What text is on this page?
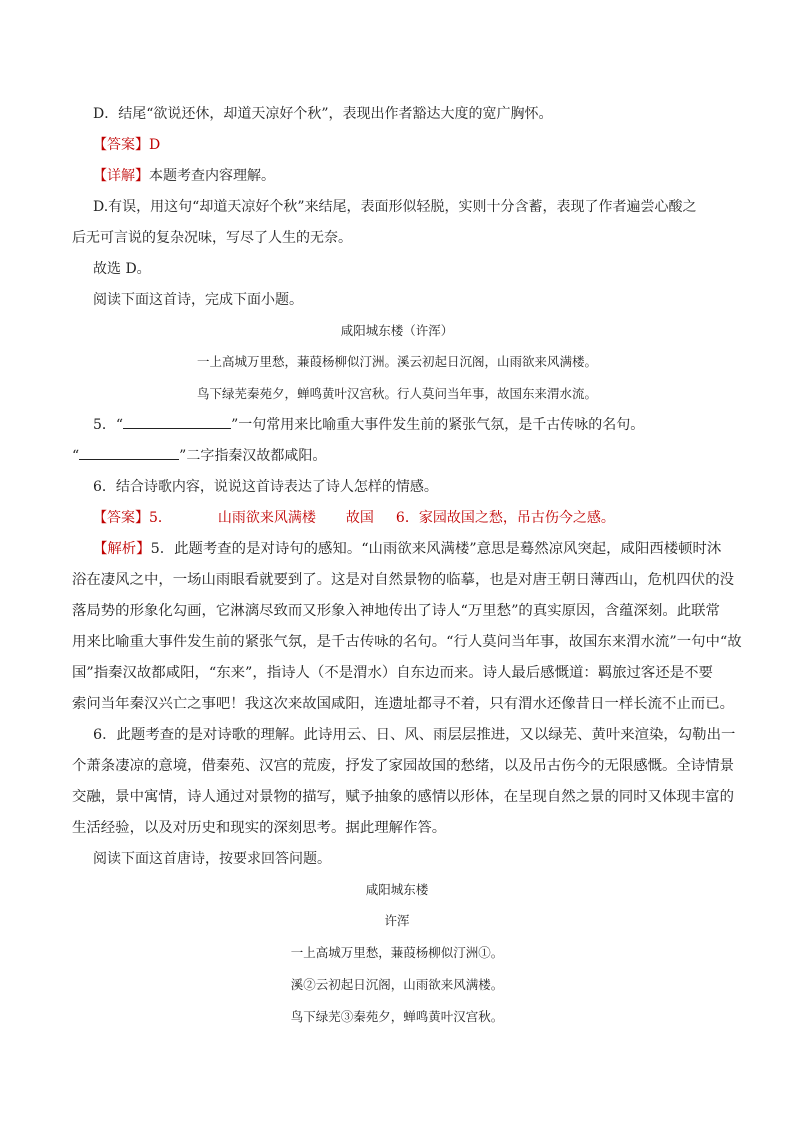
D．结尾“欲说还休，却道天凉好个秋”，表现出作者豁达大度的宽广胸怀。
【答案】D
【详解】本题考查内容理解。
D.有误，用这句“却道天凉好个秋”来结尾，表面形似轻脱，实则十分含蓄，表现了作者遍尝心酸之
后无可言说的复杂况味，写尽了人生的无奈。
故选 D。
阅读下面这首诗，完成下面小题。
咸阳城东楼（许浑）
一上高城万里愁，蒹葭杨柳似汀洲。溪云初起日沉阁，山雨欲来风满楼。
鸟下绿芜秦苑夕，蝉鸣黄叶汉宫秋。行人莫问当年事，故国东来渭水流。
5．“	”一句常用来比喻重大事件发生前的紧张气氛，是千古传咏的名句。
“	”二字指秦汉故都咸阳。
6．结合诗歌内容，说说这首诗表达了诗人怎样的情感。
【答案】5．	山雨欲来风满楼 故国 6．家园故国之愁，吊古伤今之感。
【解析】5．此题考查的是对诗句的感知。“山雨欲来风满楼”意思是蓦然凉风突起，咸阳西楼顿时沐
浴在凄风之中，一场山雨眼看就要到了。这是对自然景物的临摹，也是对唐王朝日薄西山，危机四伏的没
落局势的形象化勾画，它淋漓尽致而又形象入神地传出了诗人“万里愁”的真实原因，含蕴深刻。此联常
用来比喻重大事件发生前的紧张气氛，是千古传咏的名句。“行人莫问当年事，故国东来渭水流”一句中“故
国”指秦汉故都咸阳，“东来”，指诗人（不是渭水）自东边而来。诗人最后感慨道：羁旅过客还是不要
索问当年秦汉兴亡之事吧！我这次来故国咸阳，连遗址都寻不着，只有渭水还像昔日一样长流不止而已。
6．此题考查的是对诗歌的理解。此诗用云、日、风、雨层层推进，又以绿芜、黄叶来渲染，勾勒出一
个萧条凄凉的意境，借秦苑、汉宫的荒废，抒发了家园故国的愁绪，以及吊古伤今的无限感慨。全诗情景
交融，景中寓情，诗人通过对景物的描写，赋予抽象的感情以形体，在呈现自然之景的同时又体现丰富的
生活经验，以及对历史和现实的深刻思考。据此理解作答。
阅读下面这首唐诗，按要求回答问题。
咸阳城东楼
许浑
一上高城万里愁，蒹葭杨柳似汀洲①。
溪②云初起日沉阁，山雨欲来风满楼。
鸟下绿芜③秦苑夕，蝉鸣黄叶汉宫秋。
